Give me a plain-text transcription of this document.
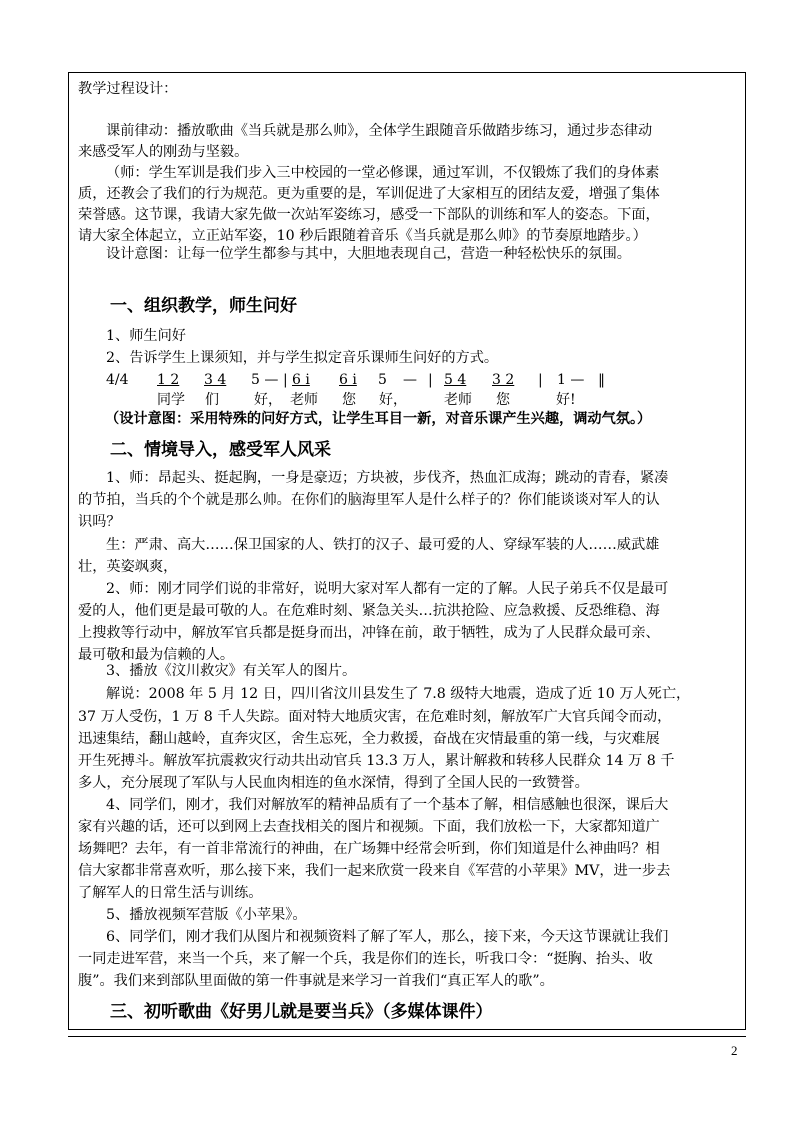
教学过程设计：
课前律动：播放歌曲《当兵就是那么帅》，全体学生跟随音乐做踏步练习，通过步态律动
来感受军人的刚劲与坚毅。
（师：学生军训是我们步入三中校园的一堂必修课，通过军训，不仅锻炼了我们的身体素
质，还教会了我们的行为规范。更为重要的是，军训促进了大家相互的团结友爱，增强了集体
荣誉感。这节课，我请大家先做一次站军姿练习，感受一下部队的训练和军人的姿态。下面，
请大家全体起立，立正站军姿，10 秒后跟随着音乐《当兵就是那么帅》的节奏原地踏步。）
设计意图：让每一位学生都参与其中，大胆地表现自己，营造一种轻松快乐的氛围。
一、组织教学，师生问好
1、师生问好
2、告诉学生上课须知，并与学生拟定音乐课师生问好的方式。
4/4 1 2 3 4 5 — | 6 i 6 i 5 — | 5 4 3 2 | 1 — ‖
同学 们	好， 老师 您 好，	老师 您	好!
（设计意图：采用特殊的问好方式，让学生耳目一新，对音乐课产生兴趣，调动气氛。）
二、情境导入，感受军人风采
1、师：昂起头、挺起胸，一身是豪迈；方块被，步伐齐，热血汇成海；跳动的青春，紧凑
的节拍，当兵的个个就是那么帅。在你们的脑海里军人是什么样子的？你们能谈谈对军人的认
识吗？
生：严肃、高大……保卫国家的人、铁打的汉子、最可爱的人、穿绿军装的人……威武雄
壮，英姿飒爽，
2、师：刚才同学们说的非常好，说明大家对军人都有一定的了解。人民子弟兵不仅是最可
爱的人，他们更是最可敬的人。在危难时刻、紧急关头…抗洪抢险、应急救援、反恐维稳、海
上搜救等行动中，解放军官兵都是挺身而出，冲锋在前，敢于牺牲，成为了人民群众最可亲、
最可敬和最为信赖的人。
3、播放《汶川救灾》有关军人的图片。
解说：2008 年 5 月 12 日，四川省汶川县发生了 7.8 级特大地震，造成了近 10 万人死亡，
37 万人受伤，1 万 8 千人失踪。面对特大地质灾害，在危难时刻，解放军广大官兵闻令而动，
迅速集结，翻山越岭，直奔灾区，舍生忘死，全力救援，奋战在灾情最重的第一线，与灾难展
开生死搏斗。解放军抗震救灾行动共出动官兵 13.3 万人，累计解救和转移人民群众 14 万 8 千
多人，充分展现了军队与人民血肉相连的鱼水深情，得到了全国人民的一致赞誉。
4、同学们，刚才，我们对解放军的精神品质有了一个基本了解，相信感触也很深，课后大
家有兴趣的话，还可以到网上去查找相关的图片和视频。下面，我们放松一下，大家都知道广
场舞吧？去年，有一首非常流行的神曲，在广场舞中经常会听到，你们知道是什么神曲吗？相
信大家都非常喜欢听，那么接下来，我们一起来欣赏一段来自《军营的小苹果》MV，进一步去
了解军人的日常生活与训练。
5、播放视频军营版《小苹果》。
6、同学们，刚才我们从图片和视频资料了解了军人，那么，接下来，今天这节课就让我们
一同走进军营，来当一个兵，来了解一个兵，我是你们的连长，听我口令：“挺胸、抬头、收
腹”。我们来到部队里面做的第一件事就是来学习一首我们“真正军人的歌”。
三、初听歌曲《好男儿就是要当兵》（多媒体课件）
2
